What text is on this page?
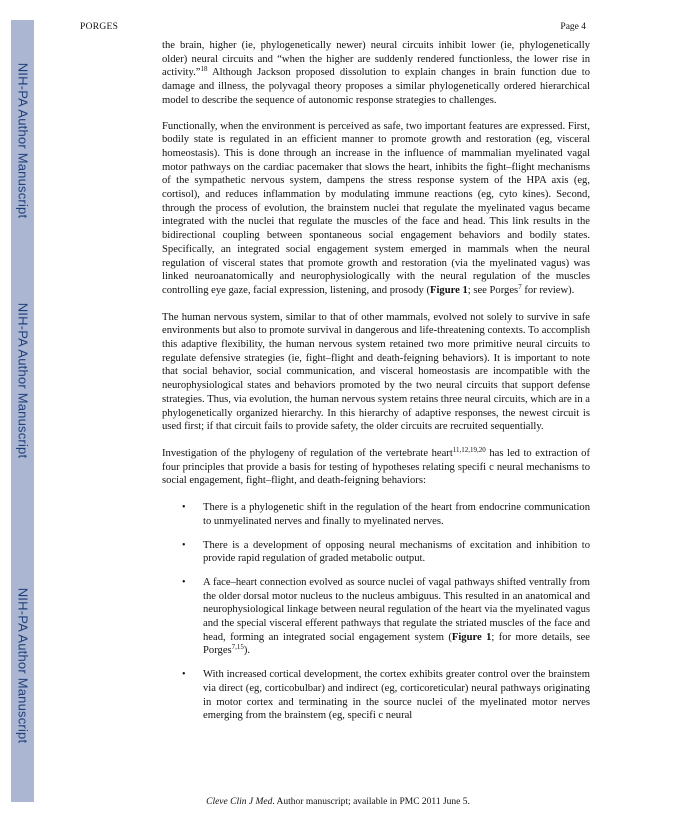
NIH-PA Author Manuscript
NIH-PA Author Manuscript
NIH-PA Author Manuscript
PORGES	Page 4

the brain, higher (ie, phylogenetically newer) neural circuits inhibit lower (ie, phylogenetically older) neural circuits and “when the higher are suddenly rendered functionless, the lower rise in activity.”$^{18}$ Although Jackson proposed dissolution to explain changes in brain function due to damage and illness, the polyvagal theory proposes a similar phylogenetically ordered hierarchical model to describe the sequence of autonomic response strategies to challenges.

Functionally, when the environment is perceived as safe, two important features are expressed. First, bodily state is regulated in an efficient manner to promote growth and restoration (eg, visceral homeostasis). This is done through an increase in the influence of mammalian myelinated vagal motor pathways on the cardiac pacemaker that slows the heart, inhibits the fight–flight mechanisms of the sympathetic nervous system, dampens the stress response system of the HPA axis (eg, cortisol), and reduces inflammation by modulating immune reactions (eg, cyto kines). Second, through the process of evolution, the brainstem nuclei that regulate the myelinated vagus became integrated with the nuclei that regulate the muscles of the face and head. This link results in the bidirectional coupling between spontaneous social engagement behaviors and bodily states. Specifically, an integrated social engagement system emerged in mammals when the neural regulation of visceral states that promote growth and restoration (via the myelinated vagus) was linked neuroanatomically and neurophysiologically with the neural regulation of the muscles controlling eye gaze, facial expression, listening, and prosody (Figure 1; see Porges$^7$ for review).

The human nervous system, similar to that of other mammals, evolved not solely to survive in safe environments but also to promote survival in dangerous and life-threatening contexts. To accomplish this adaptive flexibility, the human nervous system retained two more primitive neural circuits to regulate defensive strategies (ie, fight–flight and death-feigning behaviors). It is important to note that social behavior, social communication, and visceral homeostasis are incompatible with the neurophysiological states and behaviors promoted by the two neural circuits that support defense strategies. Thus, via evolution, the human nervous system retains three neural circuits, which are in a phylogenetically organized hierarchy. In this hierarchy of adaptive responses, the newest circuit is used first; if that circuit fails to provide safety, the older circuits are recruited sequentially.

Investigation of the phylogeny of regulation of the vertebrate heart$^{11,12,19,20}$ has led to extraction of four principles that provide a basis for testing of hypotheses relating specifi c neural mechanisms to social engagement, fight–flight, and death-feigning behaviors:

• There is a phylogenetic shift in the regulation of the heart from endocrine communication to unmyelinated nerves and finally to myelinated nerves.
• There is a development of opposing neural mechanisms of excitation and inhibition to provide rapid regulation of graded metabolic output.
• A face–heart connection evolved as source nuclei of vagal pathways shifted ventrally from the older dorsal motor nucleus to the nucleus ambiguus. This resulted in an anatomical and neurophysiological linkage between neural regulation of the heart via the myelinated vagus and the special visceral efferent pathways that regulate the striated muscles of the face and head, forming an integrated social engagement system (Figure 1; for more details, see Porges$^{7,15}$).
• With increased cortical development, the cortex exhibits greater control over the brainstem via direct (eg, corticobulbar) and indirect (eg, corticoreticular) neural pathways originating in motor cortex and terminating in the source nuclei of the myelinated motor nerves emerging from the brainstem (eg, specifi c neural
Cleve Clin J Med. Author manuscript; available in PMC 2011 June 5.
